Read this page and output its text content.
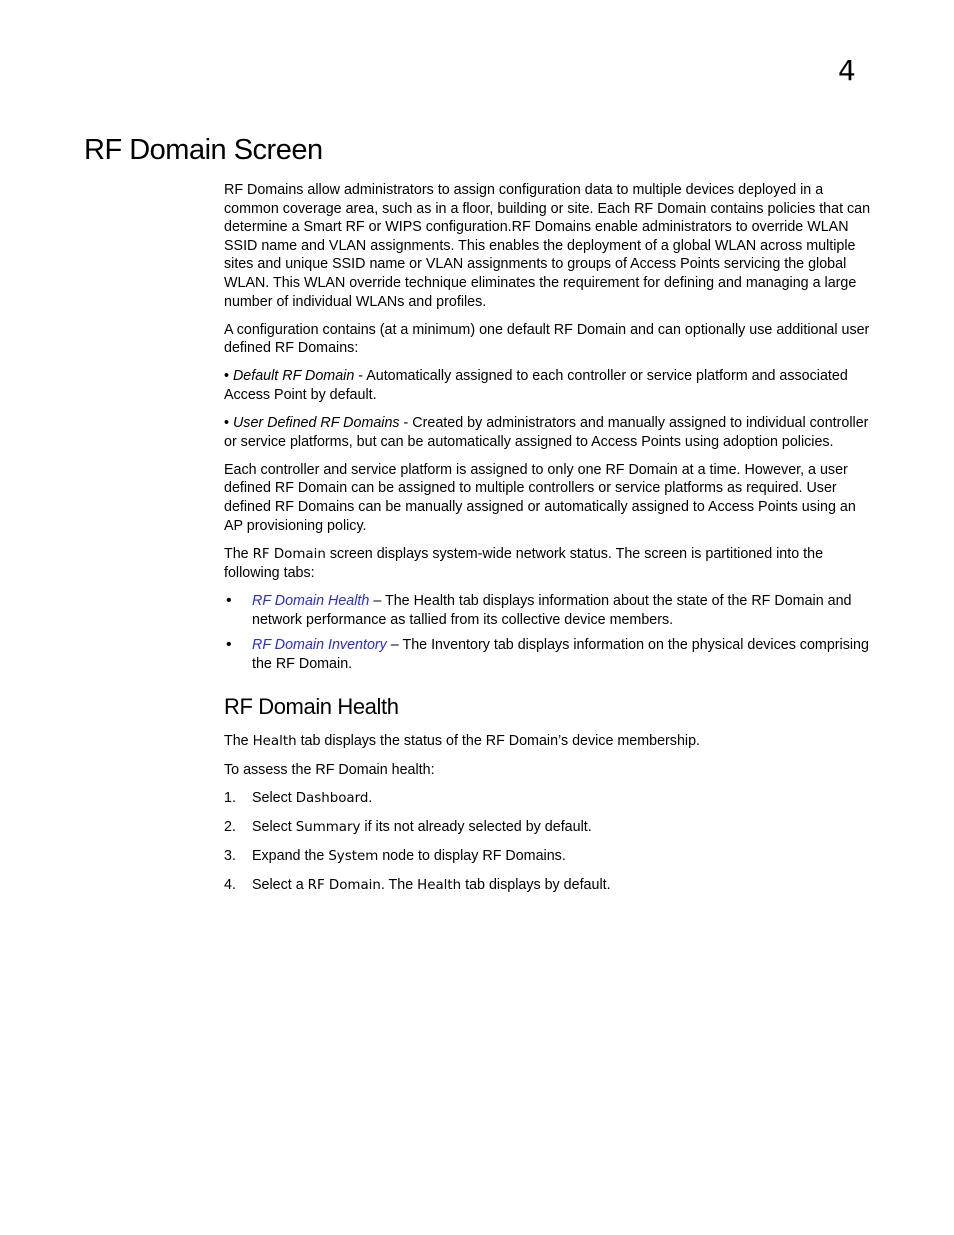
4
RF Domain Screen

RF Domains allow administrators to assign configuration data to multiple devices deployed in a common coverage area, such as in a floor, building or site. Each RF Domain contains policies that can determine a Smart RF or WIPS configuration.RF Domains enable administrators to override WLAN SSID name and VLAN assignments. This enables the deployment of a global WLAN across multiple sites and unique SSID name or VLAN assignments to groups of Access Points servicing the global WLAN. This WLAN override technique eliminates the requirement for defining and managing a large number of individual WLANs and profiles.

A configuration contains (at a minimum) one default RF Domain and can optionally use additional user defined RF Domains:

• Default RF Domain - Automatically assigned to each controller or service platform and associated Access Point by default.

• User Defined RF Domains - Created by administrators and manually assigned to individual controller or service platforms, but can be automatically assigned to Access Points using adoption policies.

Each controller and service platform is assigned to only one RF Domain at a time. However, a user defined RF Domain can be assigned to multiple controllers or service platforms as required. User defined RF Domains can be manually assigned or automatically assigned to Access Points using an AP provisioning policy.

The RF Domain screen displays system-wide network status. The screen is partitioned into the following tabs:

• RF Domain Health – The Health tab displays information about the state of the RF Domain and network performance as tallied from its collective device members.
• RF Domain Inventory – The Inventory tab displays information on the physical devices comprising the RF Domain.
RF Domain Health

The Health tab displays the status of the RF Domain’s device membership.

To assess the RF Domain health:

1. Select Dashboard.
2. Select Summary if its not already selected by default.
3. Expand the System node to display RF Domains.
4. Select a RF Domain. The Health tab displays by default.
